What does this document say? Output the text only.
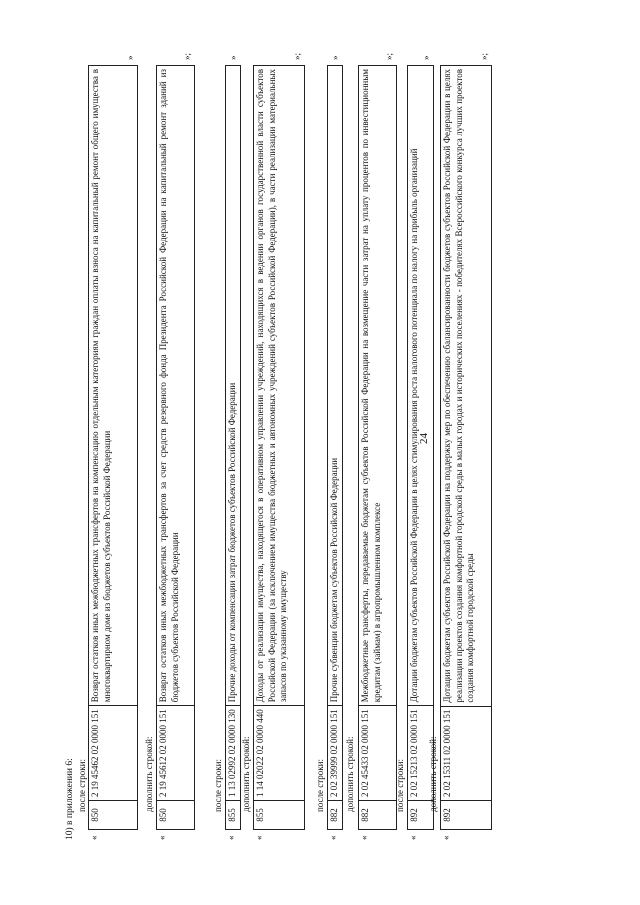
24
10) в приложении 6: после строки:
«
850	2 19 45462 02 0000 151	Возврат остатков иных межбюджетных трансфертов на компенсацию отдельным категориям граждан оплаты взноса на капитальный ремонт общего имущества в многоквартирном доме из бюджетов субъектов Российской Федерации
»
дополнить строкой:
«
850	2 19 45612 02 0000 151	Возврат остатков иных межбюджетных трансфертов за счет средств резервного фонда Президента Российской Федерации на капитальный ремонт зданий из бюджетов субъектов Российской Федерации
»;
после строки:
«
855	1 13 02992 02 0000 130	Прочие доходы от компенсации затрат бюджетов субъектов Российской Федерации
»
дополнить строкой:
«
855	1 14 02022 02 0000 440	Доходы от реализации имущества, находящегося в оперативном управлении учреждений, находящихся в ведении органов государственной власти субъектов Российской Федерации (за исключением имущества бюджетных и автономных учреждений субъектов Российской Федерации), в части реализации материальных запасов по указанному имуществу
»;
после строки:
«
882	2 02 39999 02 0000 151	Прочие субвенции бюджетам субъектов Российской Федерации
»
дополнить строкой:
«
882	2 02 45433 02 0000 151	Межбюджетные трансферты, передаваемые бюджетам субъектов Российской Федерации на возмещение части затрат на уплату процентов по инвестиционным кредитам (займам) в агропромышленном комплексе
»;
после строки:
«
892	2 02 15213 02 0000 151	Дотации бюджетам субъектов Российской Федерации в целях стимулирования роста налогового потенциала по налогу на прибыль организаций
»
дополнить строкой:
«
892	2 02 15311 02 0000 151	Дотации бюджетам субъектов Российской Федерации на поддержку мер по обеспечению сбалансированности бюджетов субъектов Российской Федерации в целях реализации проектов создания комфортной городской среды в малых городах и исторических поселениях - победителях Всероссийского конкурса лучших проектов создания комфортной городской среды
»;
